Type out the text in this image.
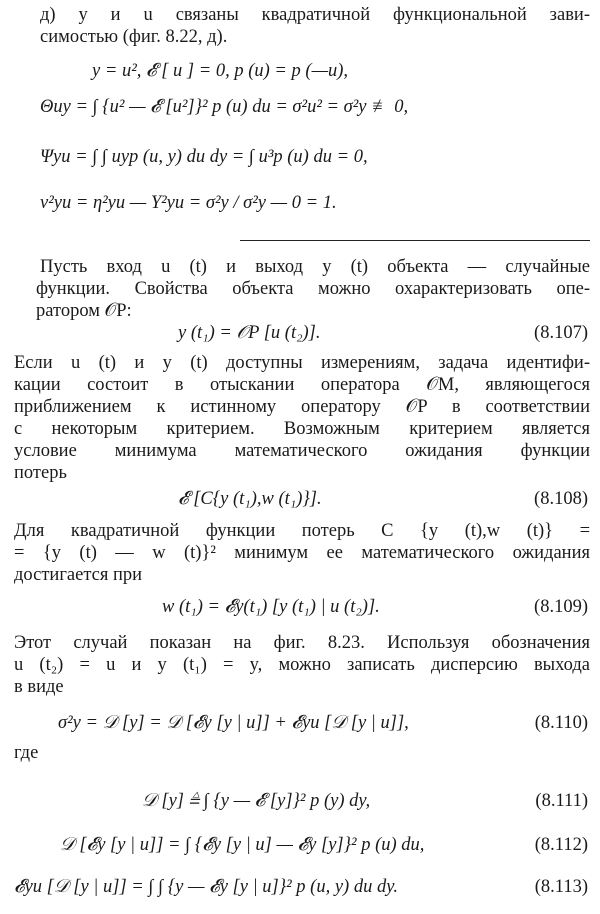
д) y и u связаны квадратичной функциональной зави-
симостью (фиг. 8.22, д).
y = u², 𝓔 [ u ] = 0, p (u) = p (—u),
Θuy = ∫ {u² — 𝓔 [u²]}² p (u) du = σ²u² = σ²y ≢ 0,
Ψyu = ∫ ∫ uyp (u, y) du dy = ∫ u³p (u) du = 0,
ν²yu = η²yu — Y²yu = σ²y / σ²y — 0 = 1.
Пусть вход u (t) и выход y (t) объекта — случайные
функции. Свойства объекта можно охарактеризовать опе-
ратором 𝒪P:
y (t₁) = 𝒪P [u (t₂)].	(8.107)
Если u (t) и y (t) доступны измерениям, задача идентифи-
кации состоит в отыскании оператора 𝒪M, являющегося
приближением к истинному оператору 𝒪P в соответствии
с некоторым критерием. Возможным критерием является
условие минимума математического ожидания функции
потерь
𝓔 [C{y (t₁),w (t₁)}].	(8.108)
Для квадратичной функции потерь C {y (t),w (t)} =
= {y (t) — w (t)}² минимум ее математического ожидания
достигается при
w (t₁) = 𝓔y(t₁) [y (t₁) | u (t₂)].	(8.109)
Этот случай показан на фиг. 8.23. Используя обозначения
u (t₂) = u и y (t₁) = y, можно записать дисперсию выхода
в виде
σ²y = 𝒟 [y] = 𝒟 [𝓔y [y | u]] + 𝓔yu [𝒟 [y | u]],	(8.110)
где
𝒟 [y] ≜ ∫ {y — 𝓔 [y]}² p (y) dy,	(8.111)
𝒟 [𝓔y [y | u]] = ∫ {𝓔y [y | u] — 𝓔y [y]}² p (u) du,	(8.112)
𝓔yu [𝒟 [y | u]] = ∫ ∫ {y — 𝓔y [y | u]}² p (u, y) du dy.	(8.113)
